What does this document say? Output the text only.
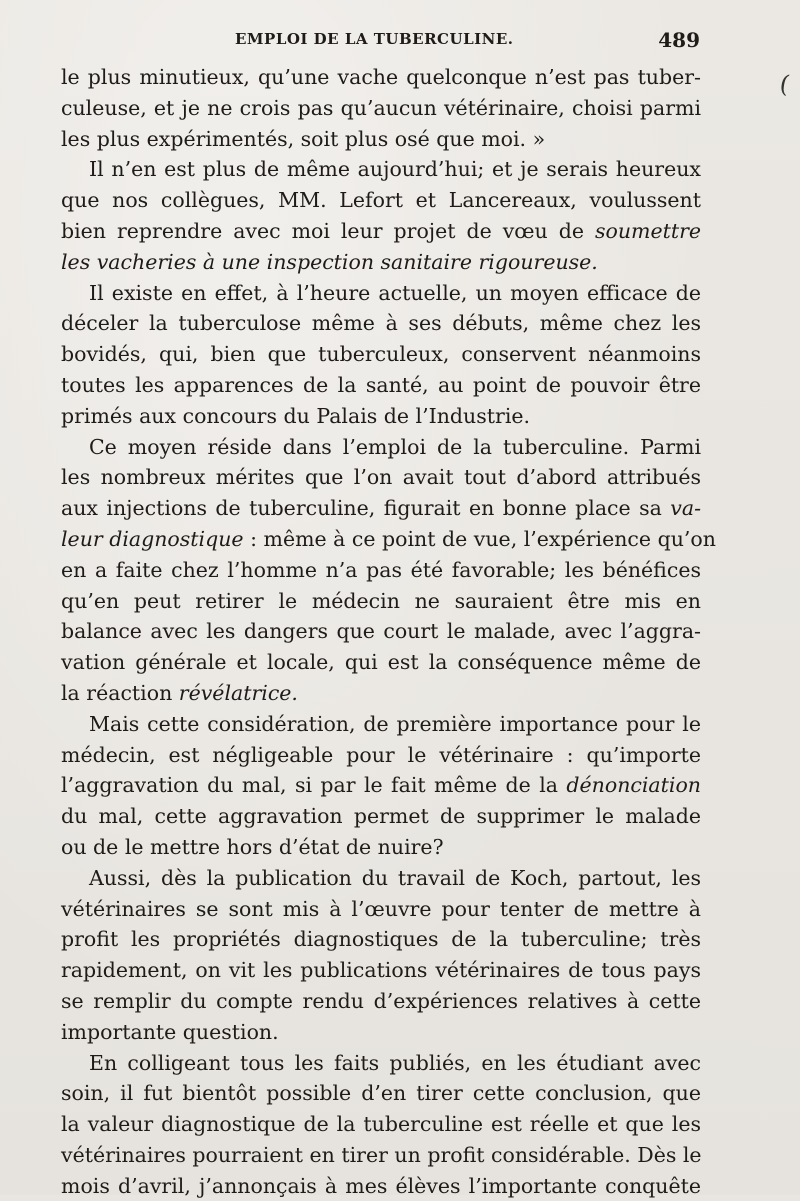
EMPLOI DE LA TUBERCULINE.	489
(
le plus minutieux, qu’une vache quelconque n’est pas tuber-
culeuse, et je ne crois pas qu’aucun vétérinaire, choisi parmi
les plus expérimentés, soit plus osé que moi. »
Il n’en est plus de même aujourd’hui; et je serais heureux
que nos collègues, MM. Lefort et Lancereaux, voulussent
bien reprendre avec moi leur projet de vœu de soumettre
les vacheries à une inspection sanitaire rigoureuse.
Il existe en effet, à l’heure actuelle, un moyen efficace de
déceler la tuberculose même à ses débuts, même chez les
bovidés, qui, bien que tuberculeux, conservent néanmoins
toutes les apparences de la santé, au point de pouvoir être
primés aux concours du Palais de l’Industrie.
Ce moyen réside dans l’emploi de la tuberculine. Parmi
les nombreux mérites que l’on avait tout d’abord attribués
aux injections de tuberculine, figurait en bonne place sa va-
leur diagnostique : même à ce point de vue, l’expérience qu’on
en a faite chez l’homme n’a pas été favorable; les bénéfices
qu’en peut retirer le médecin ne sauraient être mis en
balance avec les dangers que court le malade, avec l’aggra-
vation générale et locale, qui est la conséquence même de
la réaction révélatrice.
Mais cette considération, de première importance pour le
médecin, est négligeable pour le vétérinaire : qu’importe
l’aggravation du mal, si par le fait même de la dénonciation
du mal, cette aggravation permet de supprimer le malade
ou de le mettre hors d’état de nuire?
Aussi, dès la publication du travail de Koch, partout, les
vétérinaires se sont mis à l’œuvre pour tenter de mettre à
profit les propriétés diagnostiques de la tuberculine; très
rapidement, on vit les publications vétérinaires de tous pays
se remplir du compte rendu d’expériences relatives à cette
importante question.
En colligeant tous les faits publiés, en les étudiant avec
soin, il fut bientôt possible d’en tirer cette conclusion, que
la valeur diagnostique de la tuberculine est réelle et que les
vétérinaires pourraient en tirer un profit considérable. Dès le
mois d’avril, j’annonçais à mes élèves l’importante conquête
